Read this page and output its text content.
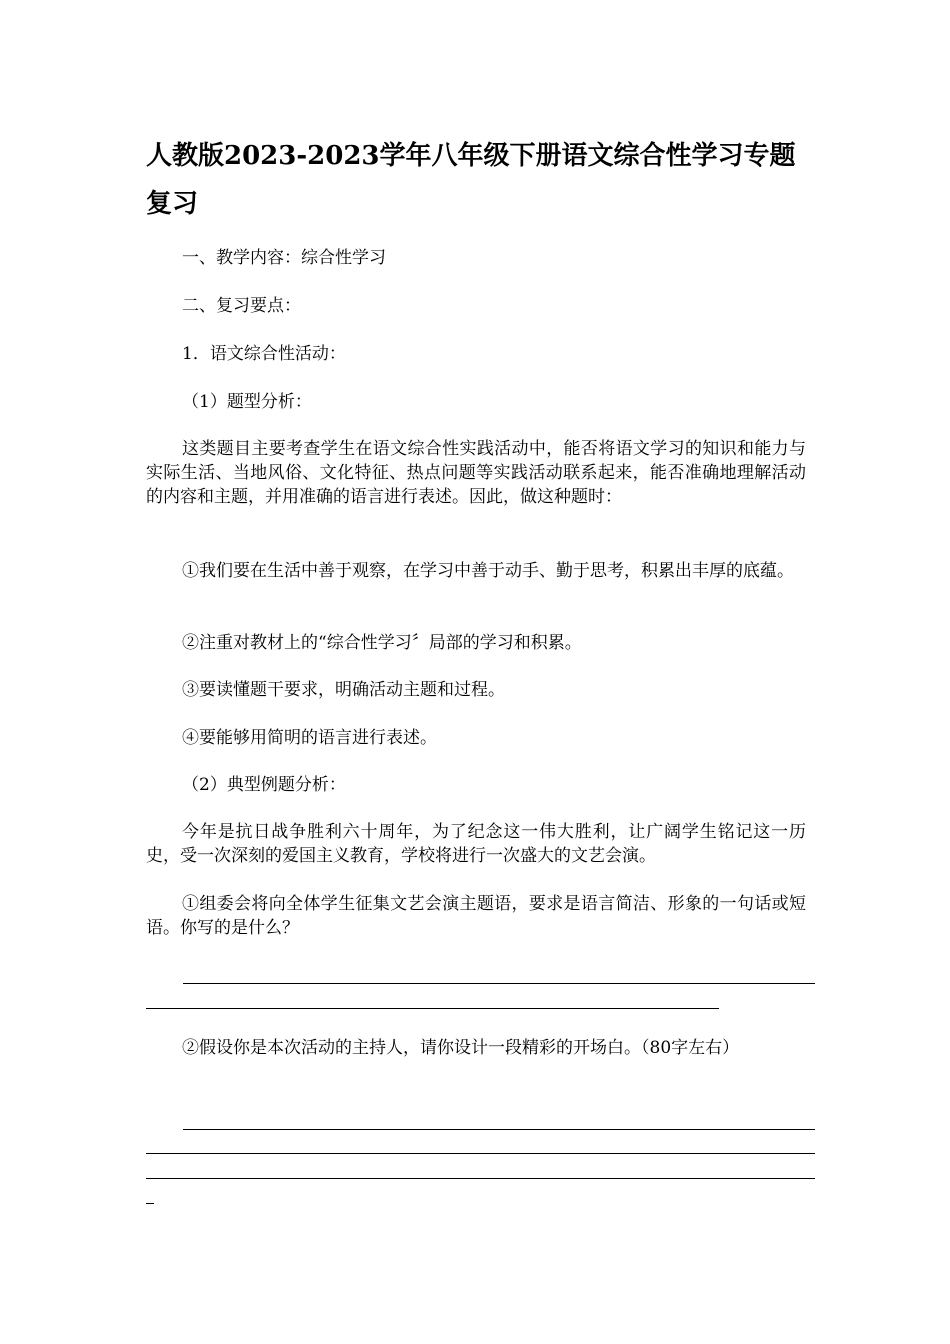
人教版2023-2023学年八年级下册语文综合性学习专题复习
一、教学内容：综合性学习
二、复习要点：
1．语文综合性活动：
（1）题型分析：
这类题目主要考查学生在语文综合性实践活动中，能否将语文学习的知识和能力与实际生活、当地风俗、文化特征、热点问题等实践活动联系起来，能否准确地理解活动的内容和主题，并用准确的语言进行表述。因此，做这种题时：
①我们要在生活中善于观察，在学习中善于动手、勤于思考，积累出丰厚的底蕴。
②注重对教材上的“综合性学习〞局部的学习和积累。
③要读懂题干要求，明确活动主题和过程。
④要能够用简明的语言进行表述。
（2）典型例题分析：
今年是抗日战争胜利六十周年，为了纪念这一伟大胜利，让广阔学生铭记这一历史，受一次深刻的爱国主义教育，学校将进行一次盛大的文艺会演。
①组委会将向全体学生征集文艺会演主题语，要求是语言简洁、形象的一句话或短语。你写的是什么？
②假设你是本次活动的主持人，请你设计一段精彩的开场白。（80字左右）
